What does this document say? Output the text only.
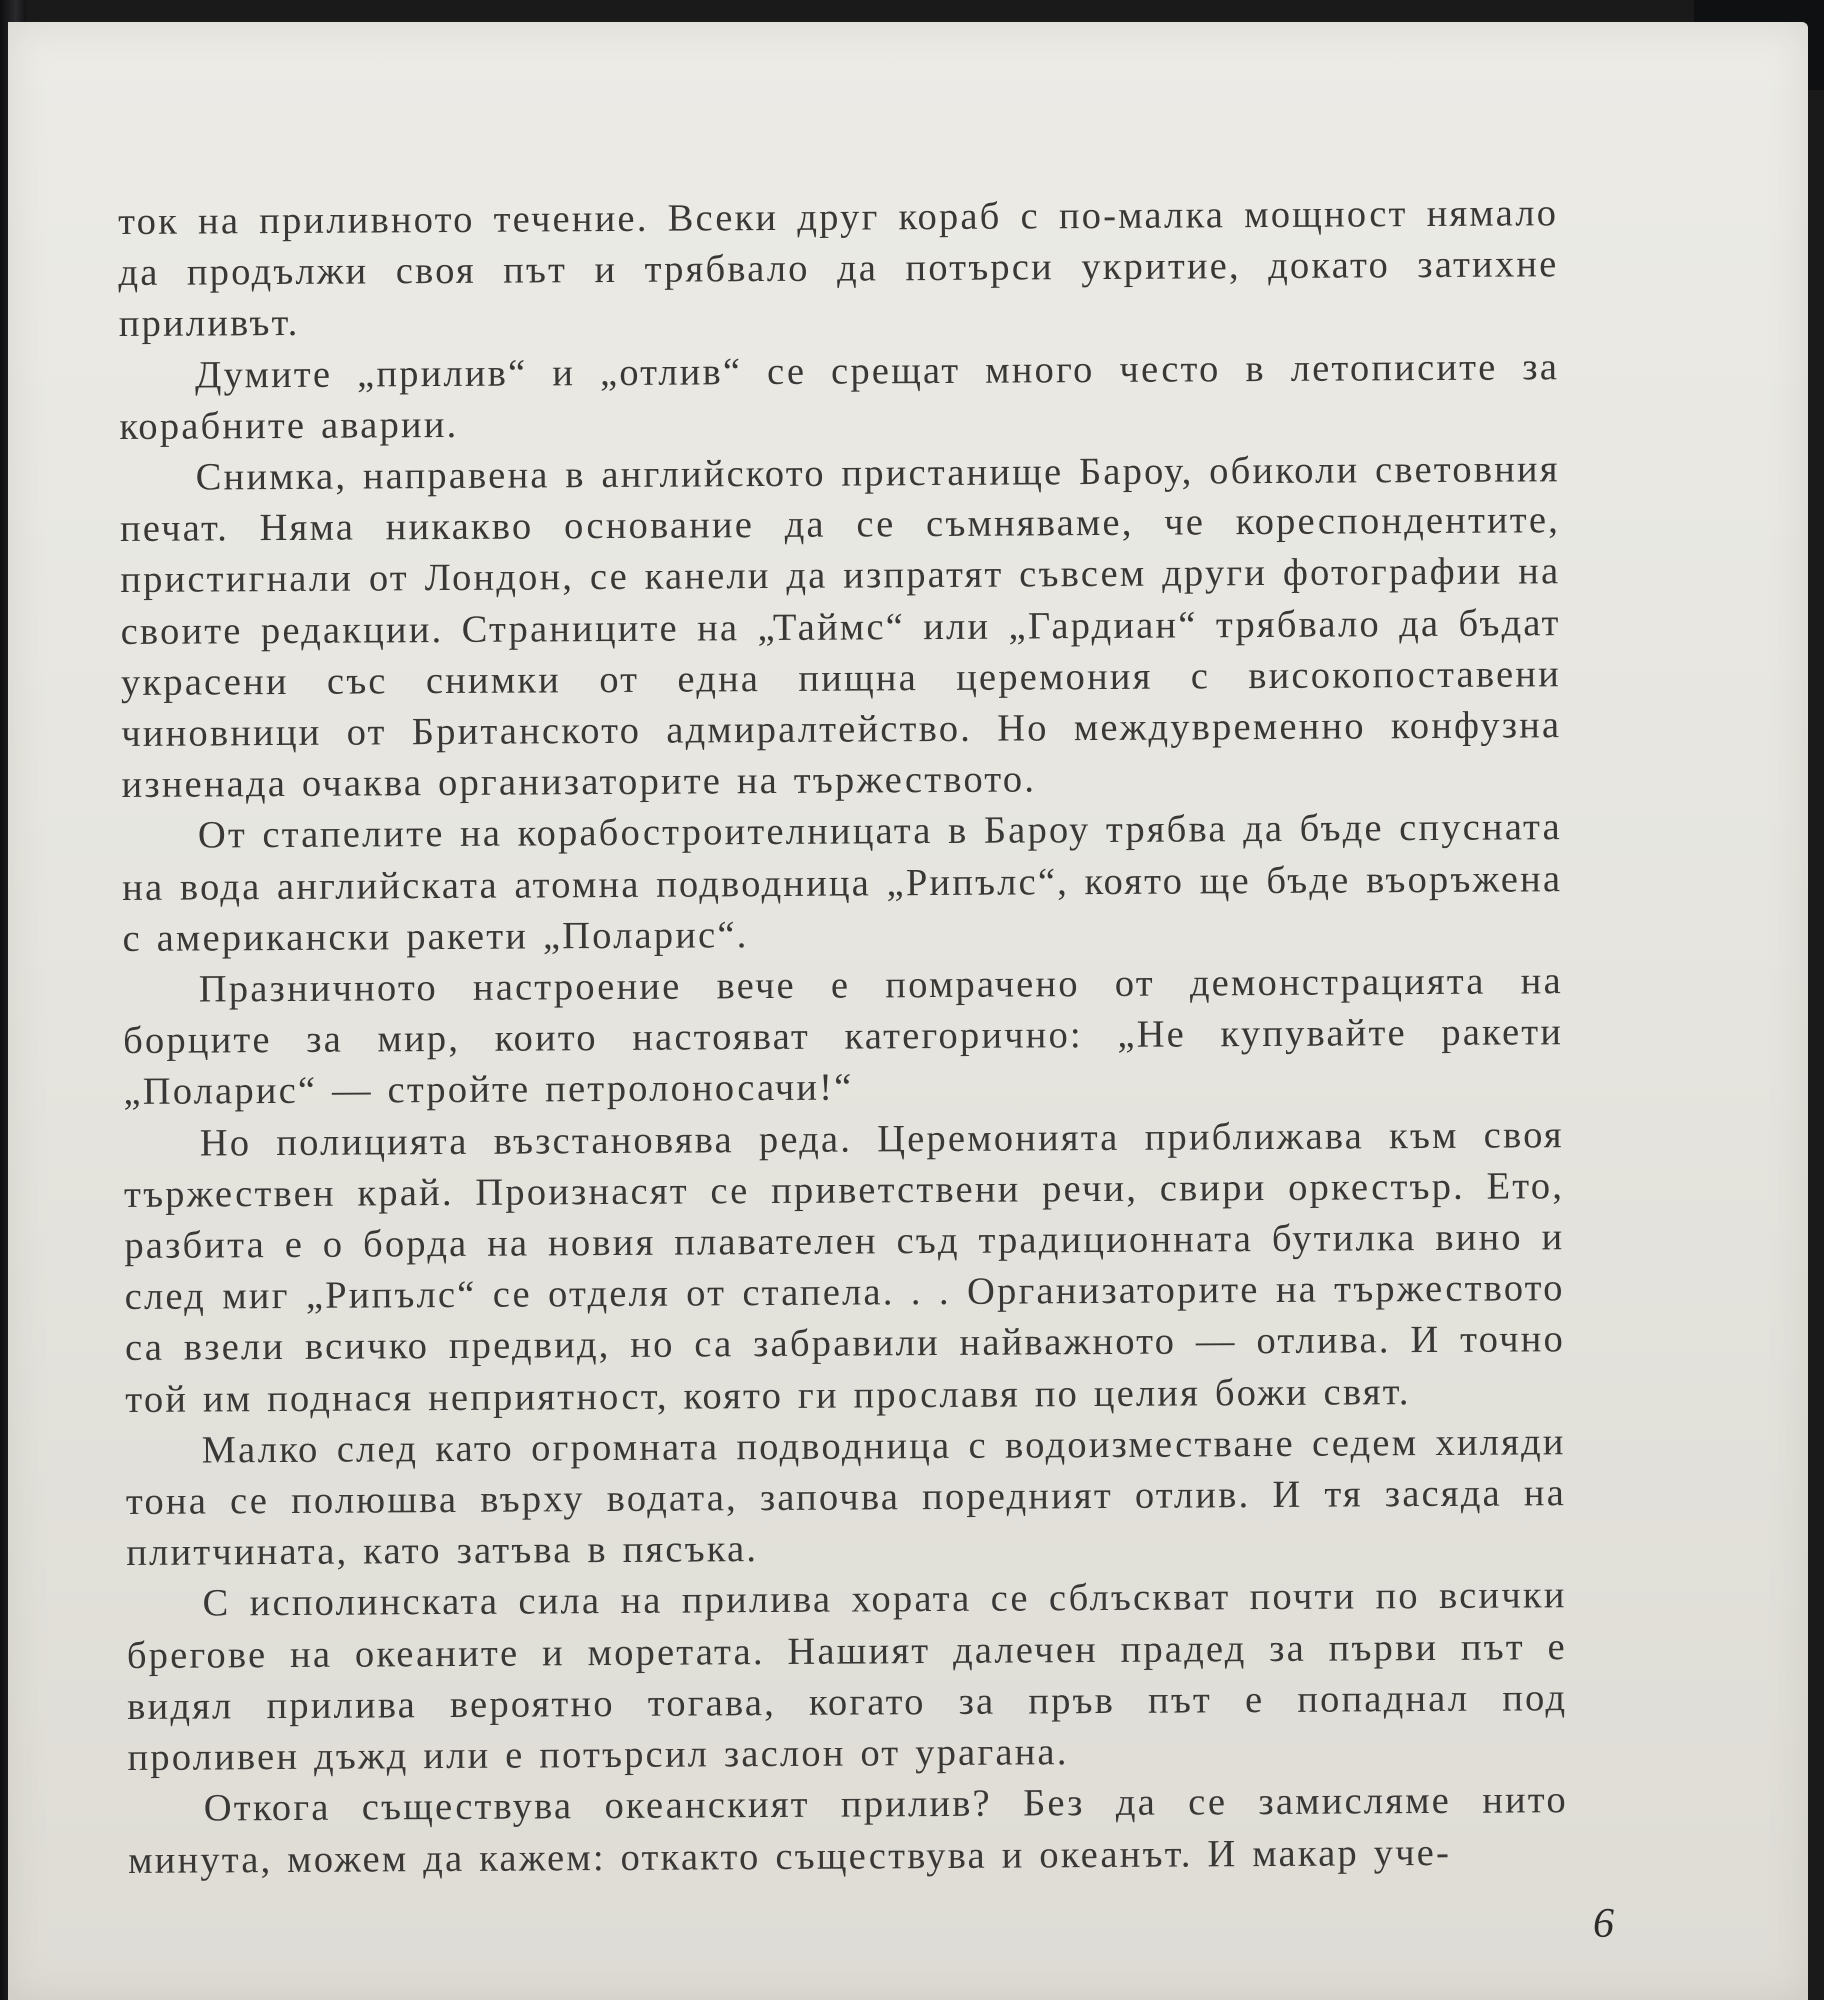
ток на приливното течение. Всеки друг кораб с по-малка мощност нямало да продължи своя път и трябвало да потърси укритие, докато затихне приливът.

Думите „прилив“ и „отлив“ се срещат много често в летописите за корабните аварии.

Снимка, направена в английското пристанище Бароу, обиколи световния печат. Няма никакво основание да се съмняваме, че кореспондентите, пристигнали от Лондон, се канели да изпратят съвсем други фотографии на своите редакции. Страниците на „Таймс“ или „Гардиан“ трябвало да бъдат украсени със снимки от една пищна церемония с високопоставени чиновници от Британското адмиралтейство. Но междувременно конфузна изненада очаква организаторите на тържеството.

От стапелите на корабостроителницата в Бароу трябва да бъде спусната на вода английската атомна подводница „Рипълс“, която ще бъде въоръжена с американски ракети „Поларис“.

Празничното настроение вече е помрачено от демонстрацията на борците за мир, които настояват категорично: „Не купувайте ракети „Поларис“ — стройте петролоносачи!“

Но полицията възстановява реда. Церемонията приближава към своя тържествен край. Произнасят се приветствени речи, свири оркестър. Ето, разбита е о борда на новия плавателен съд традиционната бутилка вино и след миг „Рипълс“ се отделя от стапела. . . Организаторите на тържеството са взели всичко предвид, но са забравили найважното — отлива. И точно той им поднася неприятност, която ги прославя по целия божи свят.

Малко след като огромната подводница с водоизместване седем хиляди тона се полюшва върху водата, започва поредният отлив. И тя засяда на плитчината, като затъва в пясъка.

С исполинската сила на прилива хората се сблъскват почти по всички брегове на океаните и моретата. Нашият далечен прадед за първи път е видял прилива вероятно тогава, когато за пръв път е попаднал под проливен дъжд или е потърсил заслон от урагана.

Откога съществува океанският прилив? Без да се замисляме нито минута, можем да кажем: откакто съществува и океанът. И макар уче-

6
